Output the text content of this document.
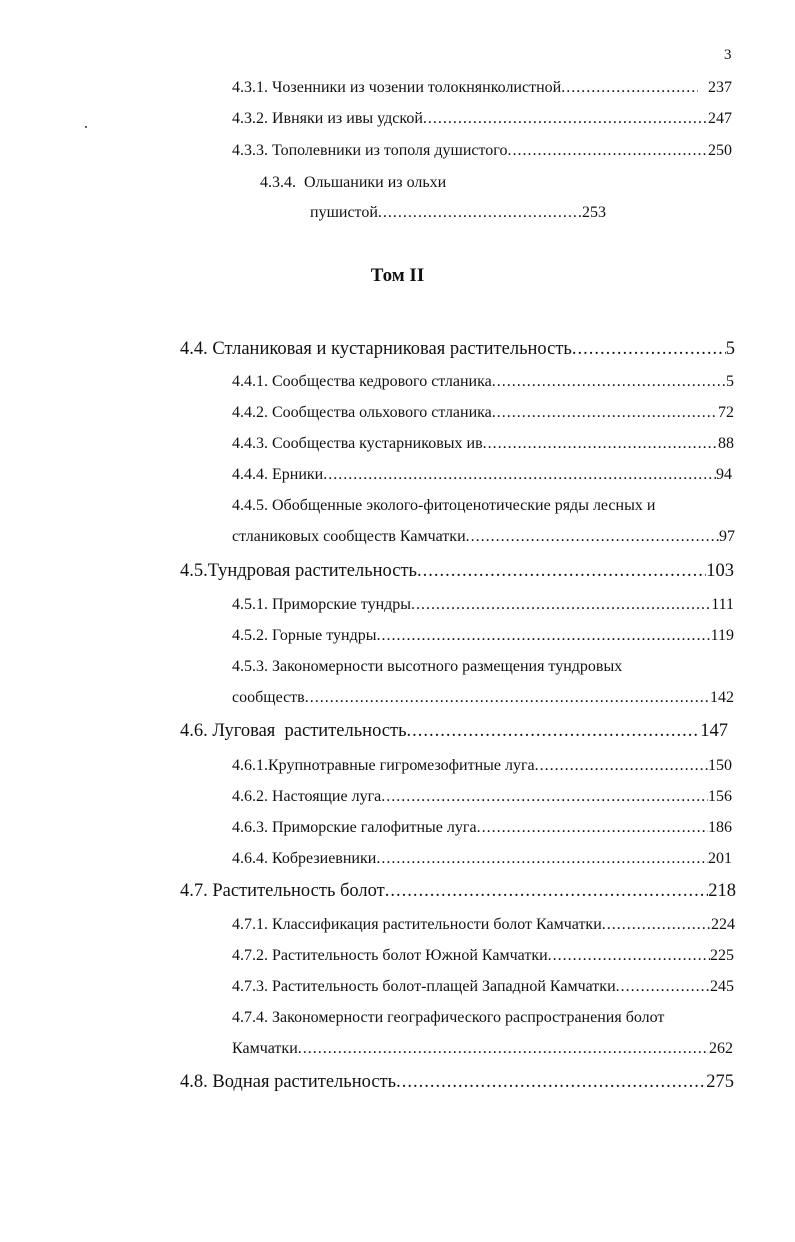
3
4.3.1. Чозенники из чозении толокнянколистной .....	237
4.3.2. Ивняки из ивы удской .....	247
4.3.3. Тополевники из тополя душистого .....	250
4.3.4.  Ольшаники из ольхи
пушистой .....	253
Том II
4.4. Стланиковая и кустарниковая растительность .....	5
4.4.1. Сообщества кедрового стланика .....	5
4.4.2. Сообщества ольхового стланика .....	72
4.4.3. Сообщества кустарниковых ив .....	88
4.4.4. Ерники .....	94
4.4.5. Обобщенные эколого-фитоценотические ряды лесных и
стланиковых сообществ Камчатки .....	97
4.5.Тундровая растительность .....	103
4.5.1. Приморские тундры .....	111
4.5.2. Горные тундры .....	119
4.5.3. Закономерности высотного размещения тундровых
сообществ .....	142
4.6. Луговая  растительность .....	147
4.6.1.Крупнотравные гигромезофитные луга .....	150
4.6.2. Настоящие луга .....	156
4.6.3. Приморские галофитные луга .....	186
4.6.4. Кобрезиевники .....	201
4.7. Растительность болот .....	218
4.7.1. Классификация растительности болот Камчатки .....	224
4.7.2. Растительность болот Южной Камчатки .....	225
4.7.3. Растительность болот-плащей Западной Камчатки .....	245
4.7.4. Закономерности географического распространения болот
Камчатки .....	262
4.8. Водная растительность .....	275
